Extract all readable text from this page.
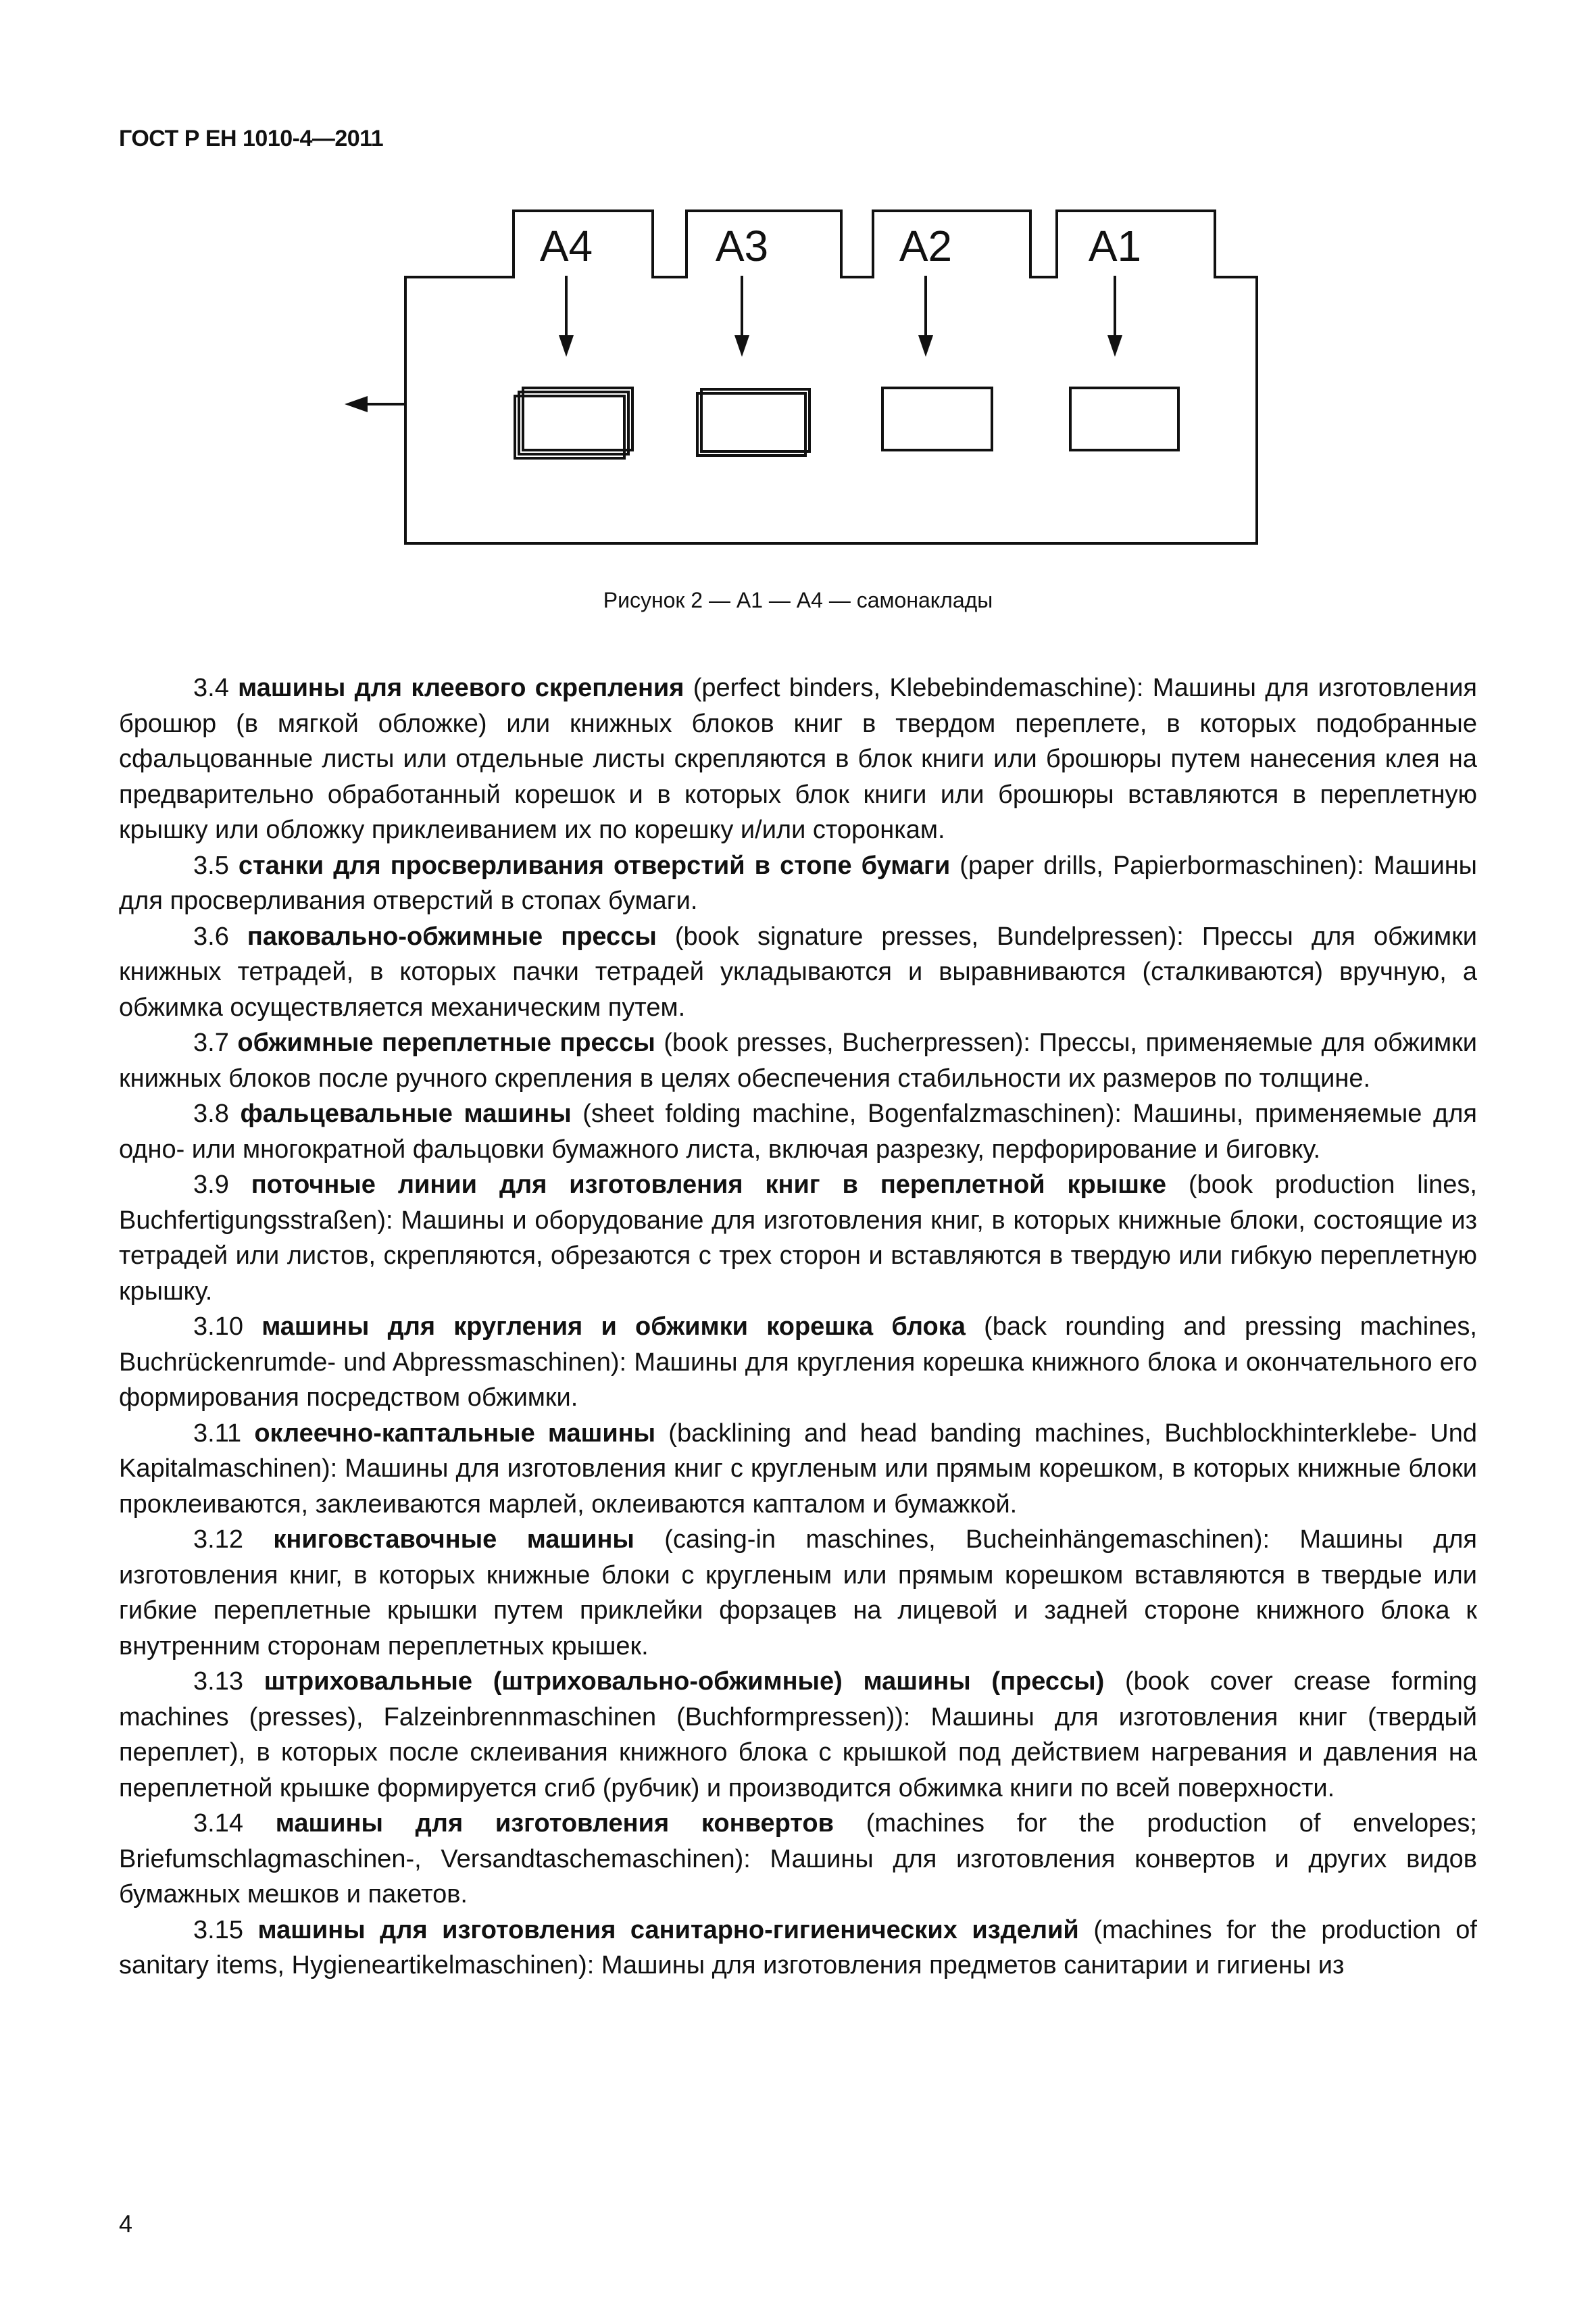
ГОСТ Р ЕН 1010-4—2011
A4	A3	A2	A1
Рисунок 2 — А1 — А4 — самонаклады

3.4 машины для клеевого скрепления (perfect binders, Klebebindemaschine): Машины для изготовления брошюр (в мягкой обложке) или книжных блоков книг в твердом переплете, в которых подобранные сфальцованные листы или отдельные листы скрепляются в блок книги или брошюры путем нанесения клея на предварительно обработанный корешок и в которых блок книги или брошюры вставляются в переплетную крышку или обложку приклеиванием их по корешку и/или сторонкам.

3.5 станки для просверливания отверстий в стопе бумаги (paper drills, Papierbormaschinen): Машины для просверливания отверстий в стопах бумаги.

3.6 паковально-обжимные прессы (book signature presses, Bundelpressen): Прессы для обжимки книжных тетрадей, в которых пачки тетрадей укладываются и выравниваются (сталкиваются) вручную, а обжимка осуществляется механическим путем.

3.7 обжимные переплетные прессы (book presses, Bucherpressen): Прессы, применяемые для обжимки книжных блоков после ручного скрепления в целях обеспечения стабильности их размеров по толщине.

3.8 фальцевальные машины (sheet folding machine, Bogenfalzmaschinen): Машины, применяемые для одно- или многократной фальцовки бумажного листа, включая разрезку, перфорирование и биговку.

3.9 поточные линии для изготовления книг в переплетной крышке (book production lines, Buchfertigungsstraßen): Машины и оборудование для изготовления книг, в которых книжные блоки, состоящие из тетрадей или листов, скрепляются, обрезаются с трех сторон и вставляются в твердую или гибкую переплетную крышку.

3.10 машины для кругления и обжимки корешка блока (back rounding and pressing machines, Buchrückenrumde- und Abpressmaschinen): Машины для кругления корешка книжного блока и окончательного его формирования посредством обжимки.

3.11 оклеечно-каптальные машины (backlining and head banding machines, Buchblockhinterklebe- Und Kapitalmaschinen): Машины для изготовления книг с кругленым или прямым корешком, в которых книжные блоки проклеиваются, заклеиваются марлей, оклеиваются капталом и бумажкой.

3.12 книговставочные машины (casing-in maschines, Bucheinhängemaschinen): Машины для изготовления книг, в которых книжные блоки с кругленым или прямым корешком вставляются в твердые или гибкие переплетные крышки путем приклейки форзацев на лицевой и задней стороне книжного блока к внутренним сторонам переплетных крышек.

3.13 штриховальные (штриховально-обжимные) машины (прессы) (book cover crease forming machines (presses), Falzeinbrennmaschinen (Buchformpressen)): Машины для изготовления книг (твердый переплет), в которых после склеивания книжного блока с крышкой под действием нагревания и давления на переплетной крышке формируется сгиб (рубчик) и производится обжимка книги по всей поверхности.

3.14 машины для изготовления конвертов (machines for the production of envelopes; Briefumschlagmaschinen-, Versandtaschemaschinen): Машины для изготовления конвертов и других видов бумажных мешков и пакетов.

3.15 машины для изготовления санитарно-гигиенических изделий (machines for the production of sanitary items, Hygieneartikelmaschinen): Машины для изготовления предметов санитарии и гигиены из

4
